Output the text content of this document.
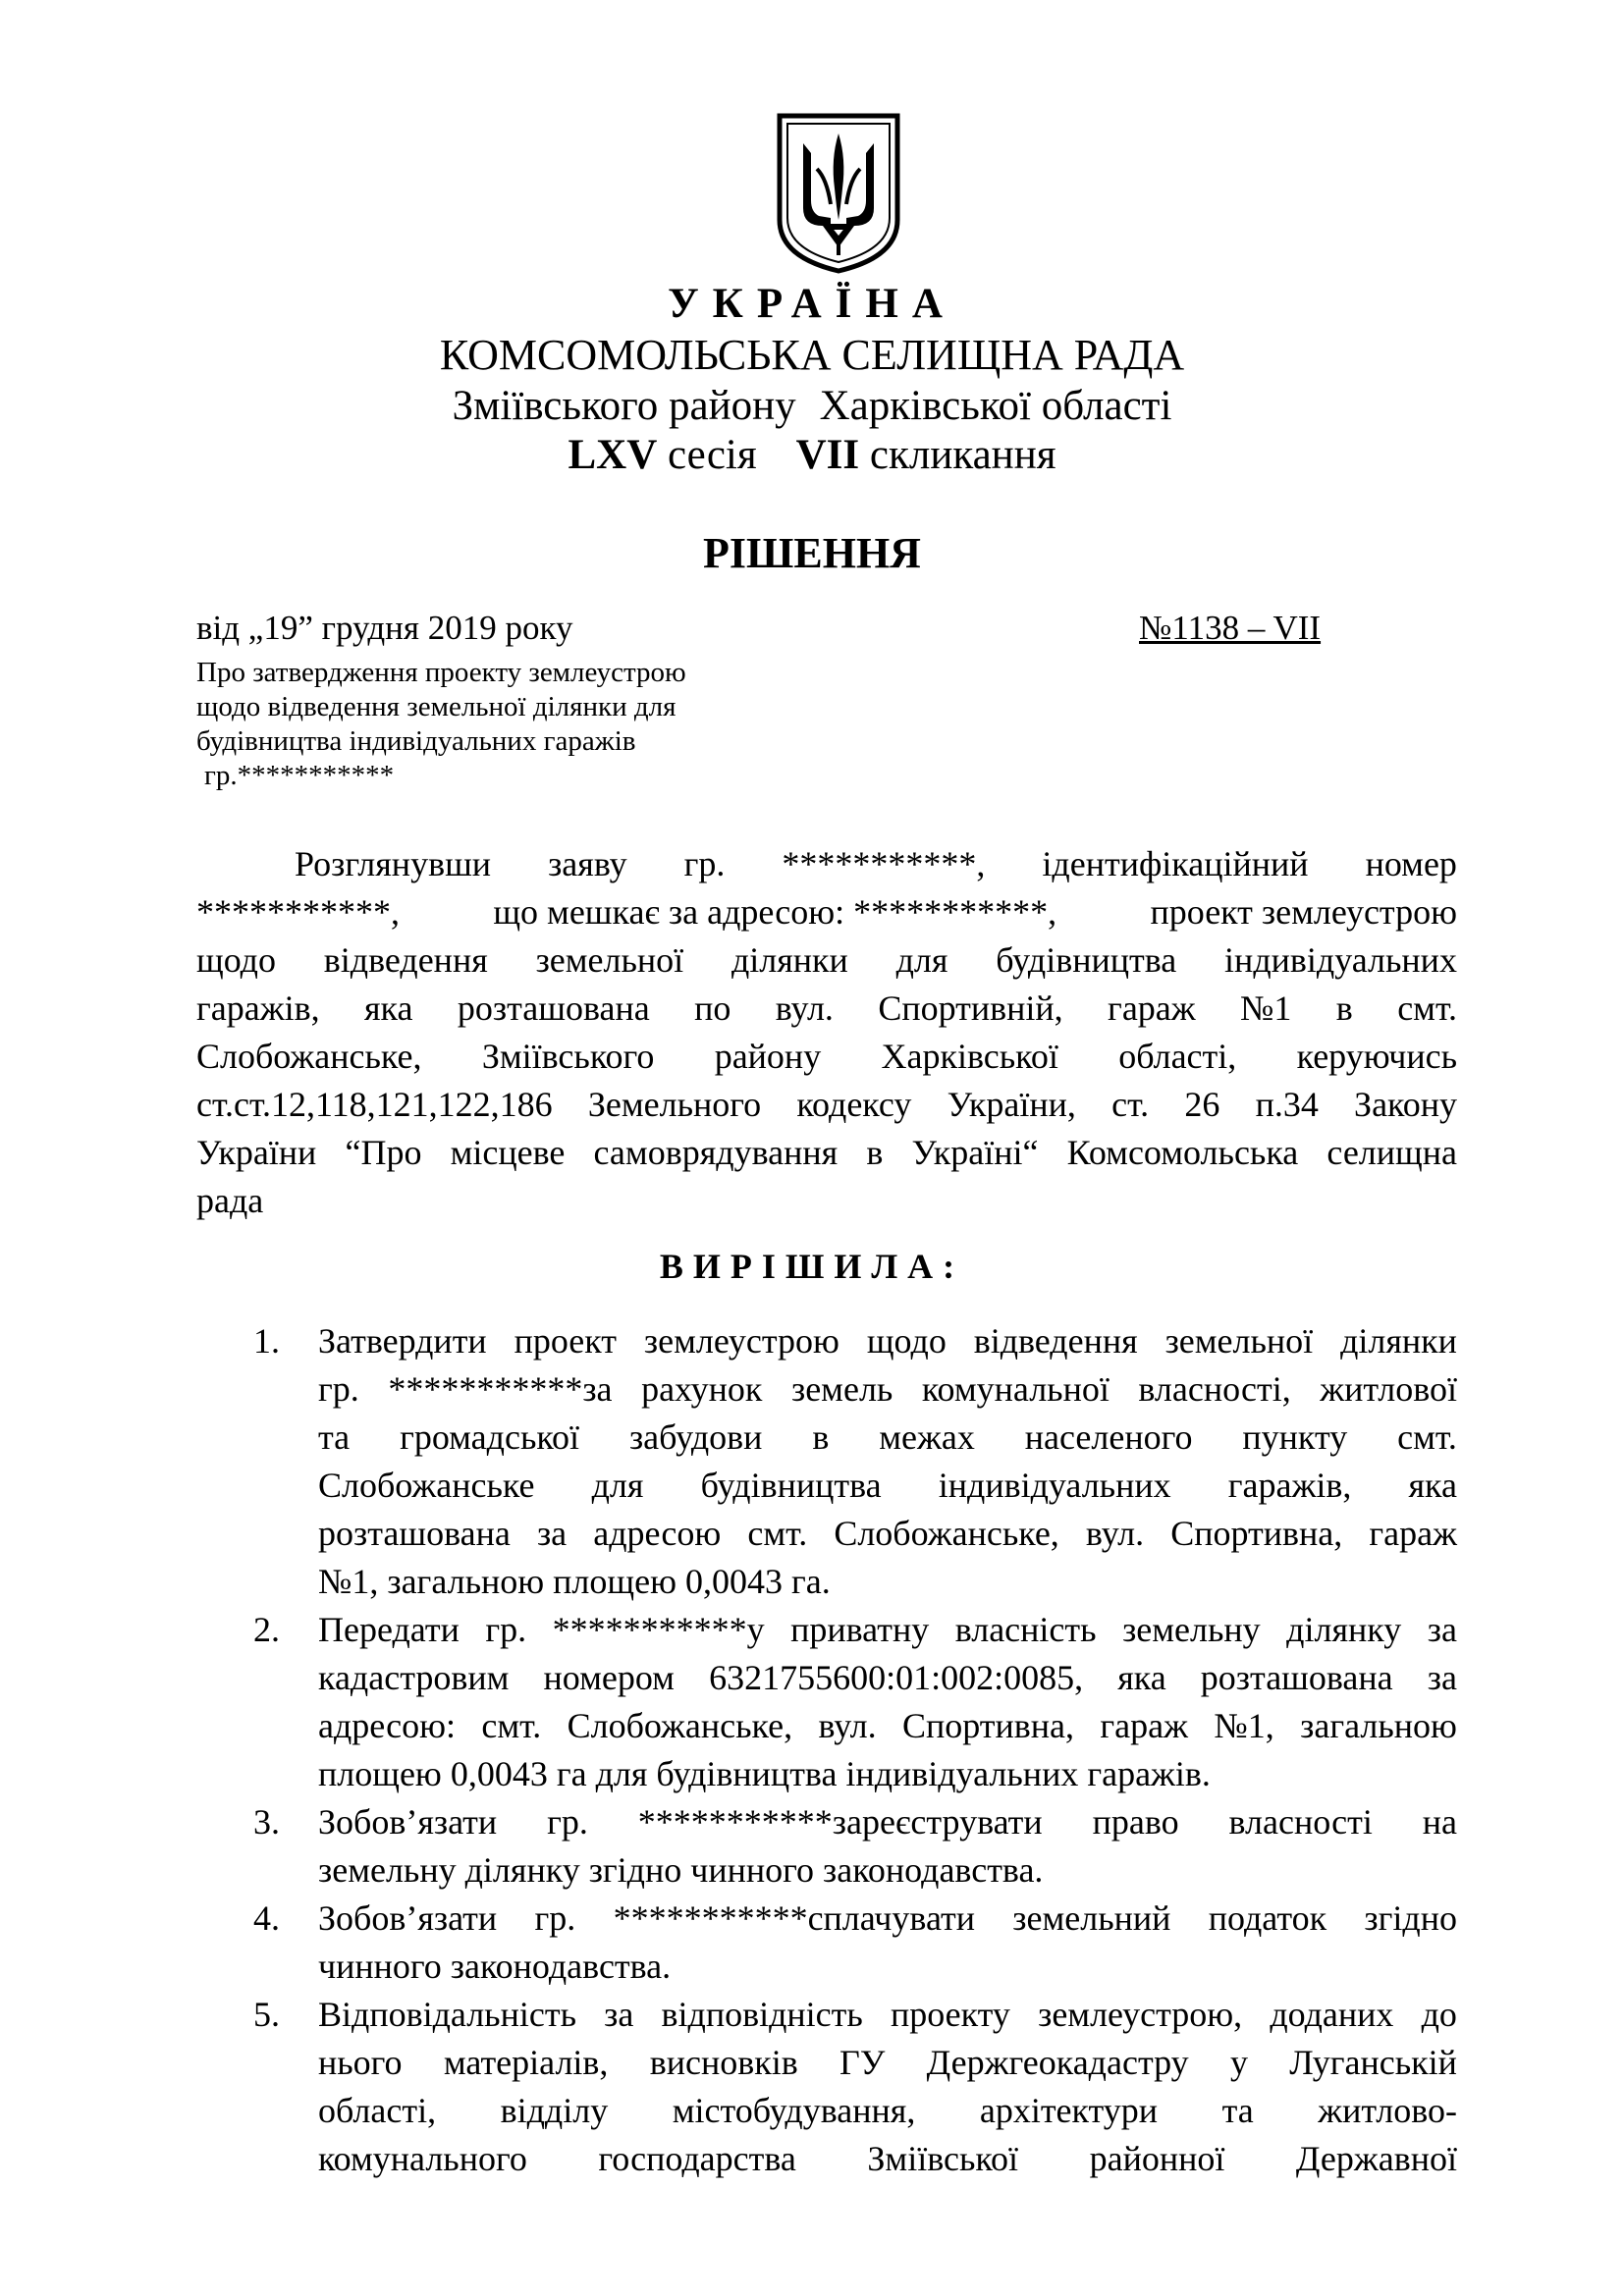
УКРАЇНА
КОМСОМОЛЬСЬКА СЕЛИЩНА РАДА
Зміївського району Харківської області
LXV сесія VII скликання
РІШЕННЯ
від „19” грудня 2019 року	№1138 – VII
Про затвердження проекту землеустрою
щодо відведення земельної ділянки для
будівництва індивідуальних гаражів
гр.***********
Розглянувши заяву гр. ***********, ідентифікаційний номер
***********,	що мешкає за адресою: ***********,	проект землеустрою
щодо відведення земельної ділянки для будівництва індивідуальних
гаражів, яка розташована по вул. Спортивній, гараж №1 в смт.
Слобожанське, Зміївського району Харківської області, керуючись
ст.ст.12,118,121,122,186 Земельного кодексу України, ст. 26 п.34 Закону
України “Про місцеве самоврядування в Україні“ Комсомольська селищна
рада
ВИРІШИЛА:
1. Затвердити проект землеустрою щодо відведення земельної ділянки
гр. ***********за рахунок земель комунальної власності, житлової
та громадської забудови в межах населеного пункту смт.
Слобожанське для будівництва індивідуальних гаражів, яка
розташована за адресою смт. Слобожанське, вул. Спортивна, гараж
№1, загальною площею 0,0043 га.
2. Передати гр. ***********у приватну власність земельну ділянку за
кадастровим номером 6321755600:01:002:0085, яка розташована за
адресою: смт. Слобожанське, вул. Спортивна, гараж №1, загальною
площею 0,0043 га для будівництва індивідуальних гаражів.
3. Зобов’язати гр. ***********зареєструвати право власності на
земельну ділянку згідно чинного законодавства.
4. Зобов’язати гр. ***********сплачувати земельний податок згідно
чинного законодавства.
5. Відповідальність за відповідність проекту землеустрою, доданих до
нього матеріалів, висновків ГУ Держгеокадастру у Луганській
області, відділу містобудування, архітектури та житлово-
комунального господарства Зміївської районної Державної
